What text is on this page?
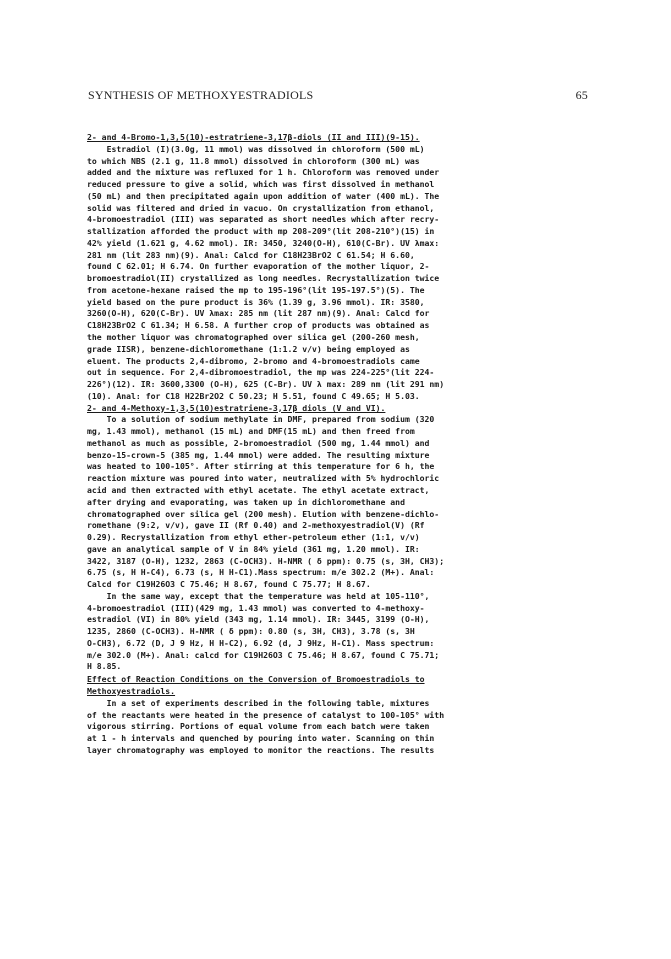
SYNTHESIS OF METHOXYESTRADIOLS	65
2- and 4-Bromo-1,3,5(10)-estratriene-3,17β-diols (II and III)(9-15).
Estradiol (I)(3.0g, 11 mmol) was dissolved in chloroform (500 mL)
to which NBS (2.1 g, 11.8 mmol) dissolved in chloroform (300 mL) was
added and the mixture was refluxed for 1 h. Chloroform was removed under
reduced pressure to give a solid, which was first dissolved in methanol
(50 mL) and then precipitated again upon addition of water (400 mL). The
solid was filtered and dried in vacuo. On crystallization from ethanol,
4-bromoestradiol (III) was separated as short needles which after recry-
stallization afforded the product with mp 208-209°(lit 208-210°)(15) in
42% yield (1.621 g, 4.62 mmol). IR: 3450, 3240(O-H), 610(C-Br). UV λmax:
281 nm (lit 283 nm)(9). Anal: Calcd for C18H23BrO2 C 61.54; H 6.60,
found C 62.01; H 6.74. On further evaporation of the mother liquor, 2-
bromoestradiol(II) crystallized as long needles. Recrystallization twice
from acetone-hexane raised the mp to 195-196°(lit 195-197.5°)(5). The
yield based on the pure product is 36% (1.39 g, 3.96 mmol). IR: 3580,
3260(O-H), 620(C-Br). UV λmax: 285 nm (lit 287 nm)(9). Anal: Calcd for
C18H23BrO2 C 61.34; H 6.58. A further crop of products was obtained as
the mother liquor was chromatographed over silica gel (200-260 mesh,
grade IISR), benzene-dichloromethane (1:1.2 v/v) being employed as
eluent. The products 2,4-dibromo, 2-bromo and 4-bromoestradiols came
out in sequence. For 2,4-dibromoestradiol, the mp was 224-225°(lit 224-
226°)(12). IR: 3600,3300 (O-H), 625 (C-Br). UV λ max: 289 nm (lit 291 nm)
(10). Anal: for C18 H22Br2O2 C 50.23; H 5.51, found C 49.65; H 5.03.
2- and 4-Methoxy-1,3,5(10)estratriene-3,17β diols (V and VI).
To a solution of sodium methylate in DMF, prepared from sodium (320
mg, 1.43 mmol), methanol (15 mL) and DMF(15 mL) and then freed from
methanol as much as possible, 2-bromoestradiol (500 mg, 1.44 mmol) and
benzo-15-crown-5 (385 mg, 1.44 mmol) were added. The resulting mixture
was heated to 100-105°. After stirring at this temperature for 6 h, the
reaction mixture was poured into water, neutralized with 5% hydrochloric
acid and then extracted with ethyl acetate. The ethyl acetate extract,
after drying and evaporating, was taken up in dichloromethane and
chromatographed over silica gel (200 mesh). Elution with benzene-dichlo-
romethane (9:2, v/v), gave II (Rf 0.40) and 2-methoxyestradiol(V) (Rf
0.29). Recrystallization from ethyl ether-petroleum ether (1:1, v/v)
gave an analytical sample of V in 84% yield (361 mg, 1.20 mmol). IR:
3422, 3187 (O-H), 1232, 2863 (C-OCH3). H-NMR ( δ ppm): 0.75 (s, 3H, CH3);
6.75 (s, H H-C4), 6.73 (s, H H-C1).Mass spectrum: m/e 302.2 (M+). Anal:
Calcd for C19H26O3 C 75.46; H 8.67, found C 75.77; H 8.67.
In the same way, except that the temperature was held at 105-110°,
4-bromoestradiol (III)(429 mg, 1.43 mmol) was converted to 4-methoxy-
estradiol (VI) in 80% yield (343 mg, 1.14 mmol). IR: 3445, 3199 (O-H),
1235, 2860 (C-OCH3). H-NMR ( δ ppm): 0.80 (s, 3H, CH3), 3.78 (s, 3H
O-CH3), 6.72 (D, J 9 Hz, H H-C2), 6.92 (d, J 9Hz, H-C1). Mass spectrum:
m/e 302.0 (M+). Anal: calcd for C19H26O3 C 75.46; H 8.67, found C 75.71;
H 8.85.
Effect of Reaction Conditions on the Conversion of Bromoestradiols to
Methoxyestradiols.
In a set of experiments described in the following table, mixtures
of the reactants were heated in the presence of catalyst to 100-105° with
vigorous stirring. Portions of equal volume from each batch were taken
at 1 - h intervals and quenched by pouring into water. Scanning on thin
layer chromatography was employed to monitor the reactions. The results
